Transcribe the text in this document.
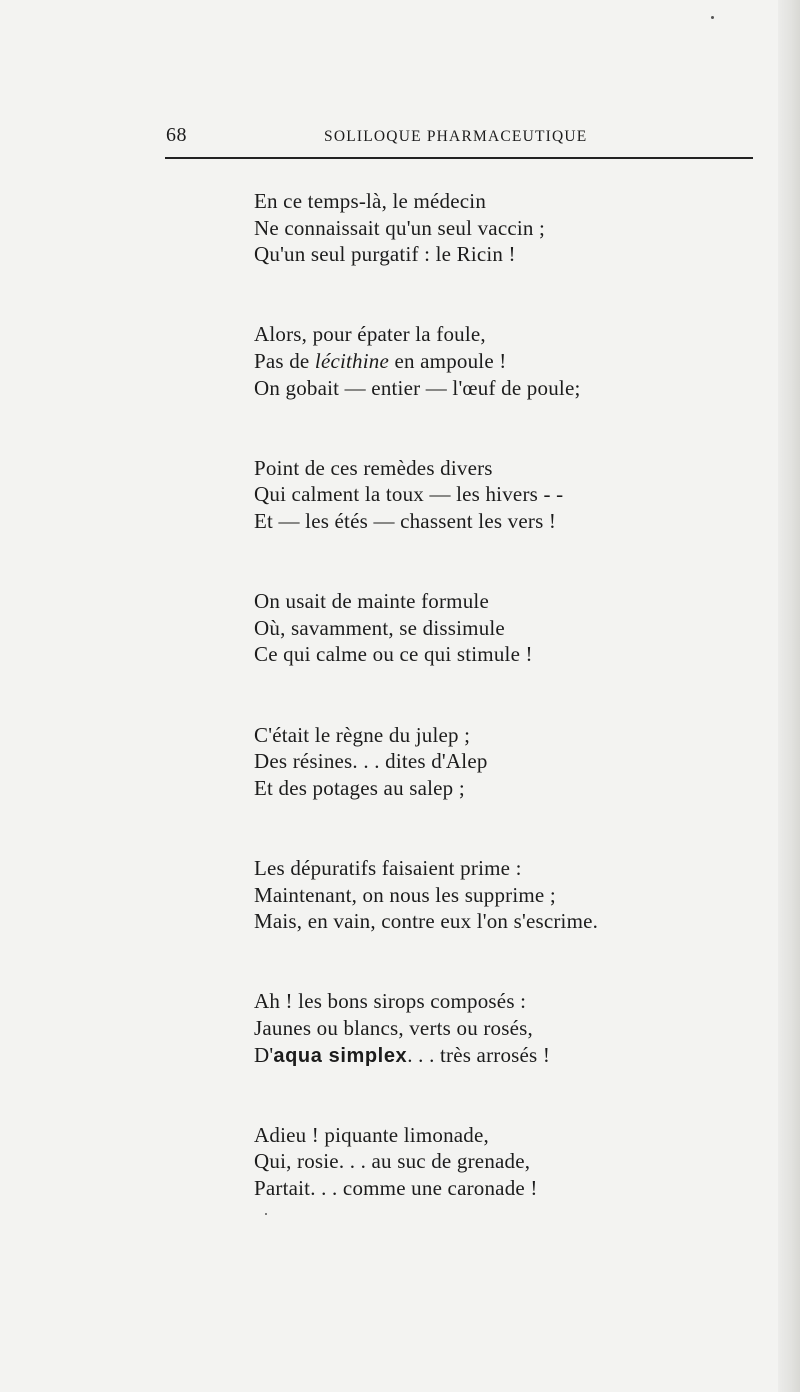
68	SOLILOQUE PHARMACEUTIQUE
En ce temps-là, le médecin
Ne connaissait qu'un seul vaccin ;
Qu'un seul purgatif : le Ricin !
Alors, pour épater la foule,
Pas de lécithine en ampoule !
On gobait — entier — l'œuf de poule;
Point de ces remèdes divers
Qui calment la toux — les hivers - -
Et — les étés — chassent les vers !
On usait de mainte formule
Où, savamment, se dissimule
Ce qui calme ou ce qui stimule !
C'était le règne du julep ;
Des résines. . . dites d'Alep
Et des potages au salep ;
Les dépuratifs faisaient prime :
Maintenant, on nous les supprime ;
Mais, en vain, contre eux l'on s'escrime.
Ah ! les bons sirops composés :
Jaunes ou blancs, verts ou rosés,
D'aqua simplex. . . très arrosés !
Adieu ! piquante limonade,
Qui, rosie. . . au suc de grenade,
Partait. . . comme une caronade !
